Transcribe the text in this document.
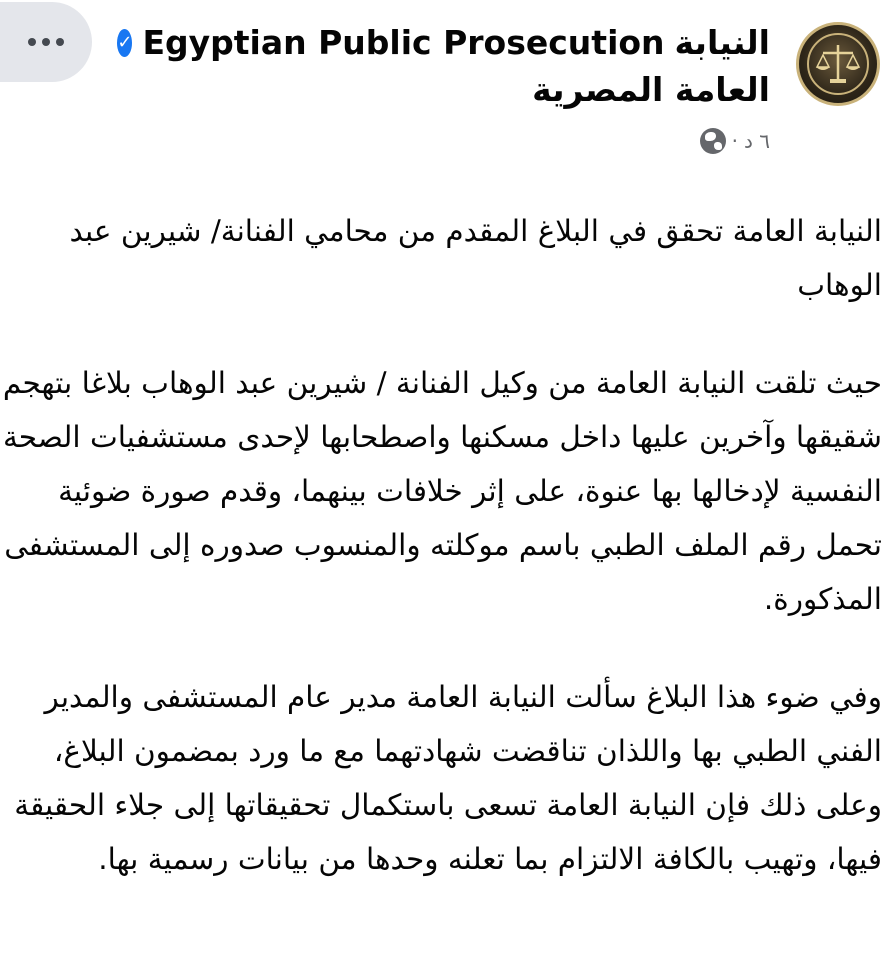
النيابة
Egyptian Public Prosecution
✓
العامة المصرية
٦ د
·

النيابة العامة تحقق في البلاغ المقدم من محامي الفنانة/ شيرين عبد الوهاب

حيث تلقت النيابة العامة من وكيل الفنانة / شيرين عبد الوهاب بلاغا بتهجم شقيقها وآخرين عليها داخل مسكنها واصطحابها لإحدى مستشفيات الصحة النفسية لإدخالها بها عنوة، على إثر خلافات بينهما، وقدم صورة ضوئية تحمل رقم الملف الطبي باسم موكلته والمنسوب صدوره إلى المستشفى المذكورة.

وفي ضوء هذا البلاغ سألت النيابة العامة مدير عام المستشفى والمدير الفني الطبي بها واللذان تناقضت شهادتهما مع ما ورد بمضمون البلاغ، وعلى ذلك فإن النيابة العامة تسعى باستكمال تحقيقاتها إلى جلاء الحقيقة فيها، وتهيب بالكافة الالتزام بما تعلنه وحدها من بيانات رسمية بها.
